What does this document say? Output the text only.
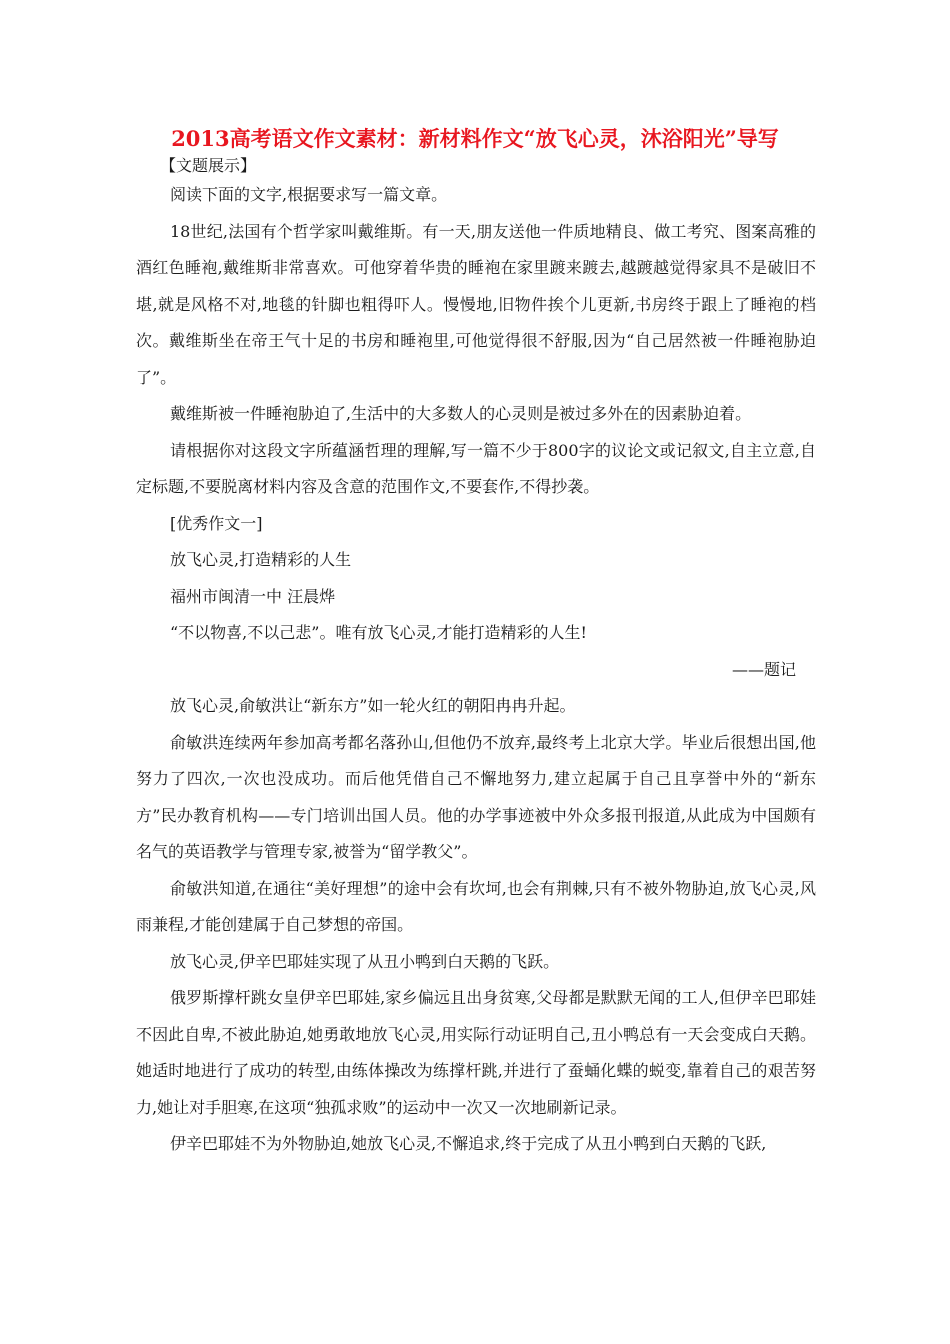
2013高考语文作文素材：新材料作文“放飞心灵，沐浴阳光”导写
【文题展示】

阅读下面的文字,根据要求写一篇文章。

18世纪,法国有个哲学家叫戴维斯。有一天,朋友送他一件质地精良、做工考究、图案高雅的酒红色睡袍,戴维斯非常喜欢。可他穿着华贵的睡袍在家里踱来踱去,越踱越觉得家具不是破旧不堪,就是风格不对,地毯的针脚也粗得吓人。慢慢地,旧物件挨个儿更新,书房终于跟上了睡袍的档次。戴维斯坐在帝王气十足的书房和睡袍里,可他觉得很不舒服,因为“自己居然被一件睡袍胁迫了”。

戴维斯被一件睡袍胁迫了,生活中的大多数人的心灵则是被过多外在的因素胁迫着。

请根据你对这段文字所蕴涵哲理的理解,写一篇不少于800字的议论文或记叙文,自主立意,自定标题,不要脱离材料内容及含意的范围作文,不要套作,不得抄袭。

[优秀作文一]

放飞心灵,打造精彩的人生

福州市闽清一中 汪晨烨

“不以物喜,不以己悲”。唯有放飞心灵,才能打造精彩的人生!

——题记

放飞心灵,俞敏洪让“新东方”如一轮火红的朝阳冉冉升起。

俞敏洪连续两年参加高考都名落孙山,但他仍不放弃,最终考上北京大学。毕业后很想出国,他努力了四次,一次也没成功。而后他凭借自己不懈地努力,建立起属于自己且享誉中外的“新东方”民办教育机构——专门培训出国人员。他的办学事迹被中外众多报刊报道,从此成为中国颇有名气的英语教学与管理专家,被誉为“留学教父”。

俞敏洪知道,在通往“美好理想”的途中会有坎坷,也会有荆棘,只有不被外物胁迫,放飞心灵,风雨兼程,才能创建属于自己梦想的帝国。

放飞心灵,伊辛巴耶娃实现了从丑小鸭到白天鹅的飞跃。

俄罗斯撑杆跳女皇伊辛巴耶娃,家乡偏远且出身贫寒,父母都是默默无闻的工人,但伊辛巴耶娃不因此自卑,不被此胁迫,她勇敢地放飞心灵,用实际行动证明自己,丑小鸭总有一天会变成白天鹅。她适时地进行了成功的转型,由练体操改为练撑杆跳,并进行了蚕蛹化蝶的蜕变,靠着自己的艰苦努力,她让对手胆寒,在这项“独孤求败”的运动中一次又一次地刷新记录。

伊辛巴耶娃不为外物胁迫,她放飞心灵,不懈追求,终于完成了从丑小鸭到白天鹅的飞跃,
